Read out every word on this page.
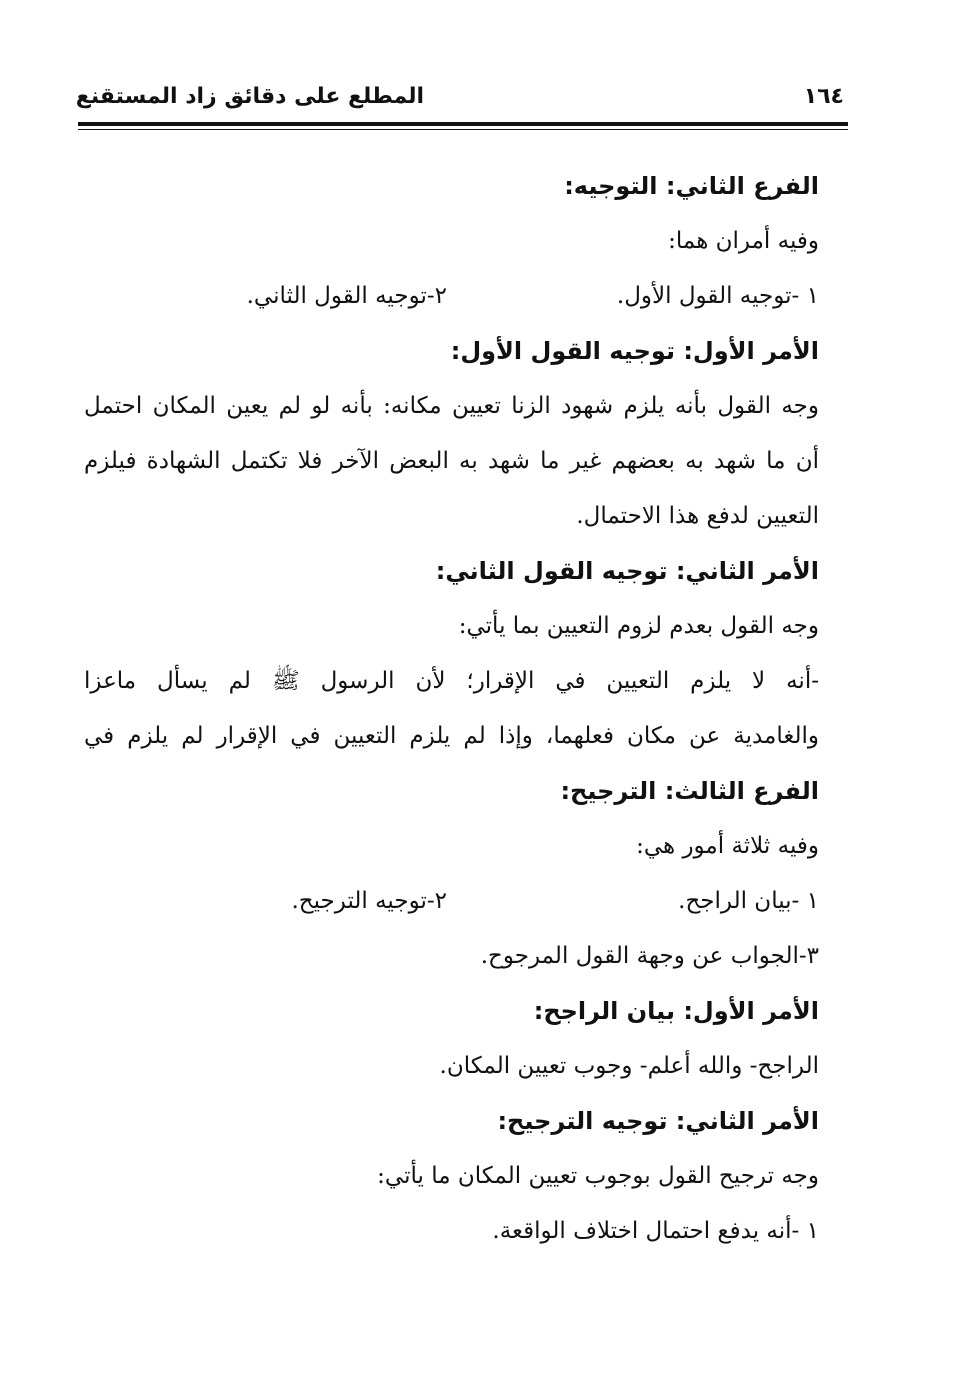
١٦٤
المطلع على دقائق زاد المستقنع
الفرع الثاني: التوجيه:
وفيه أمران هما:
١ -توجيه القول الأول.
٢-توجيه القول الثاني.
الأمر الأول: توجيه القول الأول:
وجه القول بأنه يلزم شهود الزنا تعيين مكانه: بأنه لو لم يعين المكان احتمل
أن ما شهد به بعضهم غير ما شهد به البعض الآخر فلا تكتمل الشهادة فيلزم
التعيين لدفع هذا الاحتمال.
الأمر الثاني: توجيه القول الثاني:
وجه القول بعدم لزوم التعيين بما يأتي:
-أنه لا يلزم التعيين في الإقرار؛ لأن الرسول ﷺ لم يسأل ماعزا
والغامدية عن مكان فعلهما، وإذا لم يلزم التعيين في الإقرار لم يلزم في
الفرع الثالث: الترجيح:
وفيه ثلاثة أمور هي:
١ -بيان الراجح.
٢-توجيه الترجيح.
٣-الجواب عن وجهة القول المرجوح.
الأمر الأول: بيان الراجح:
الراجح- والله أعلم- وجوب تعيين المكان.
الأمر الثاني: توجيه الترجيح:
وجه ترجيح القول بوجوب تعيين المكان ما يأتي:
١ -أنه يدفع احتمال اختلاف الواقعة.
